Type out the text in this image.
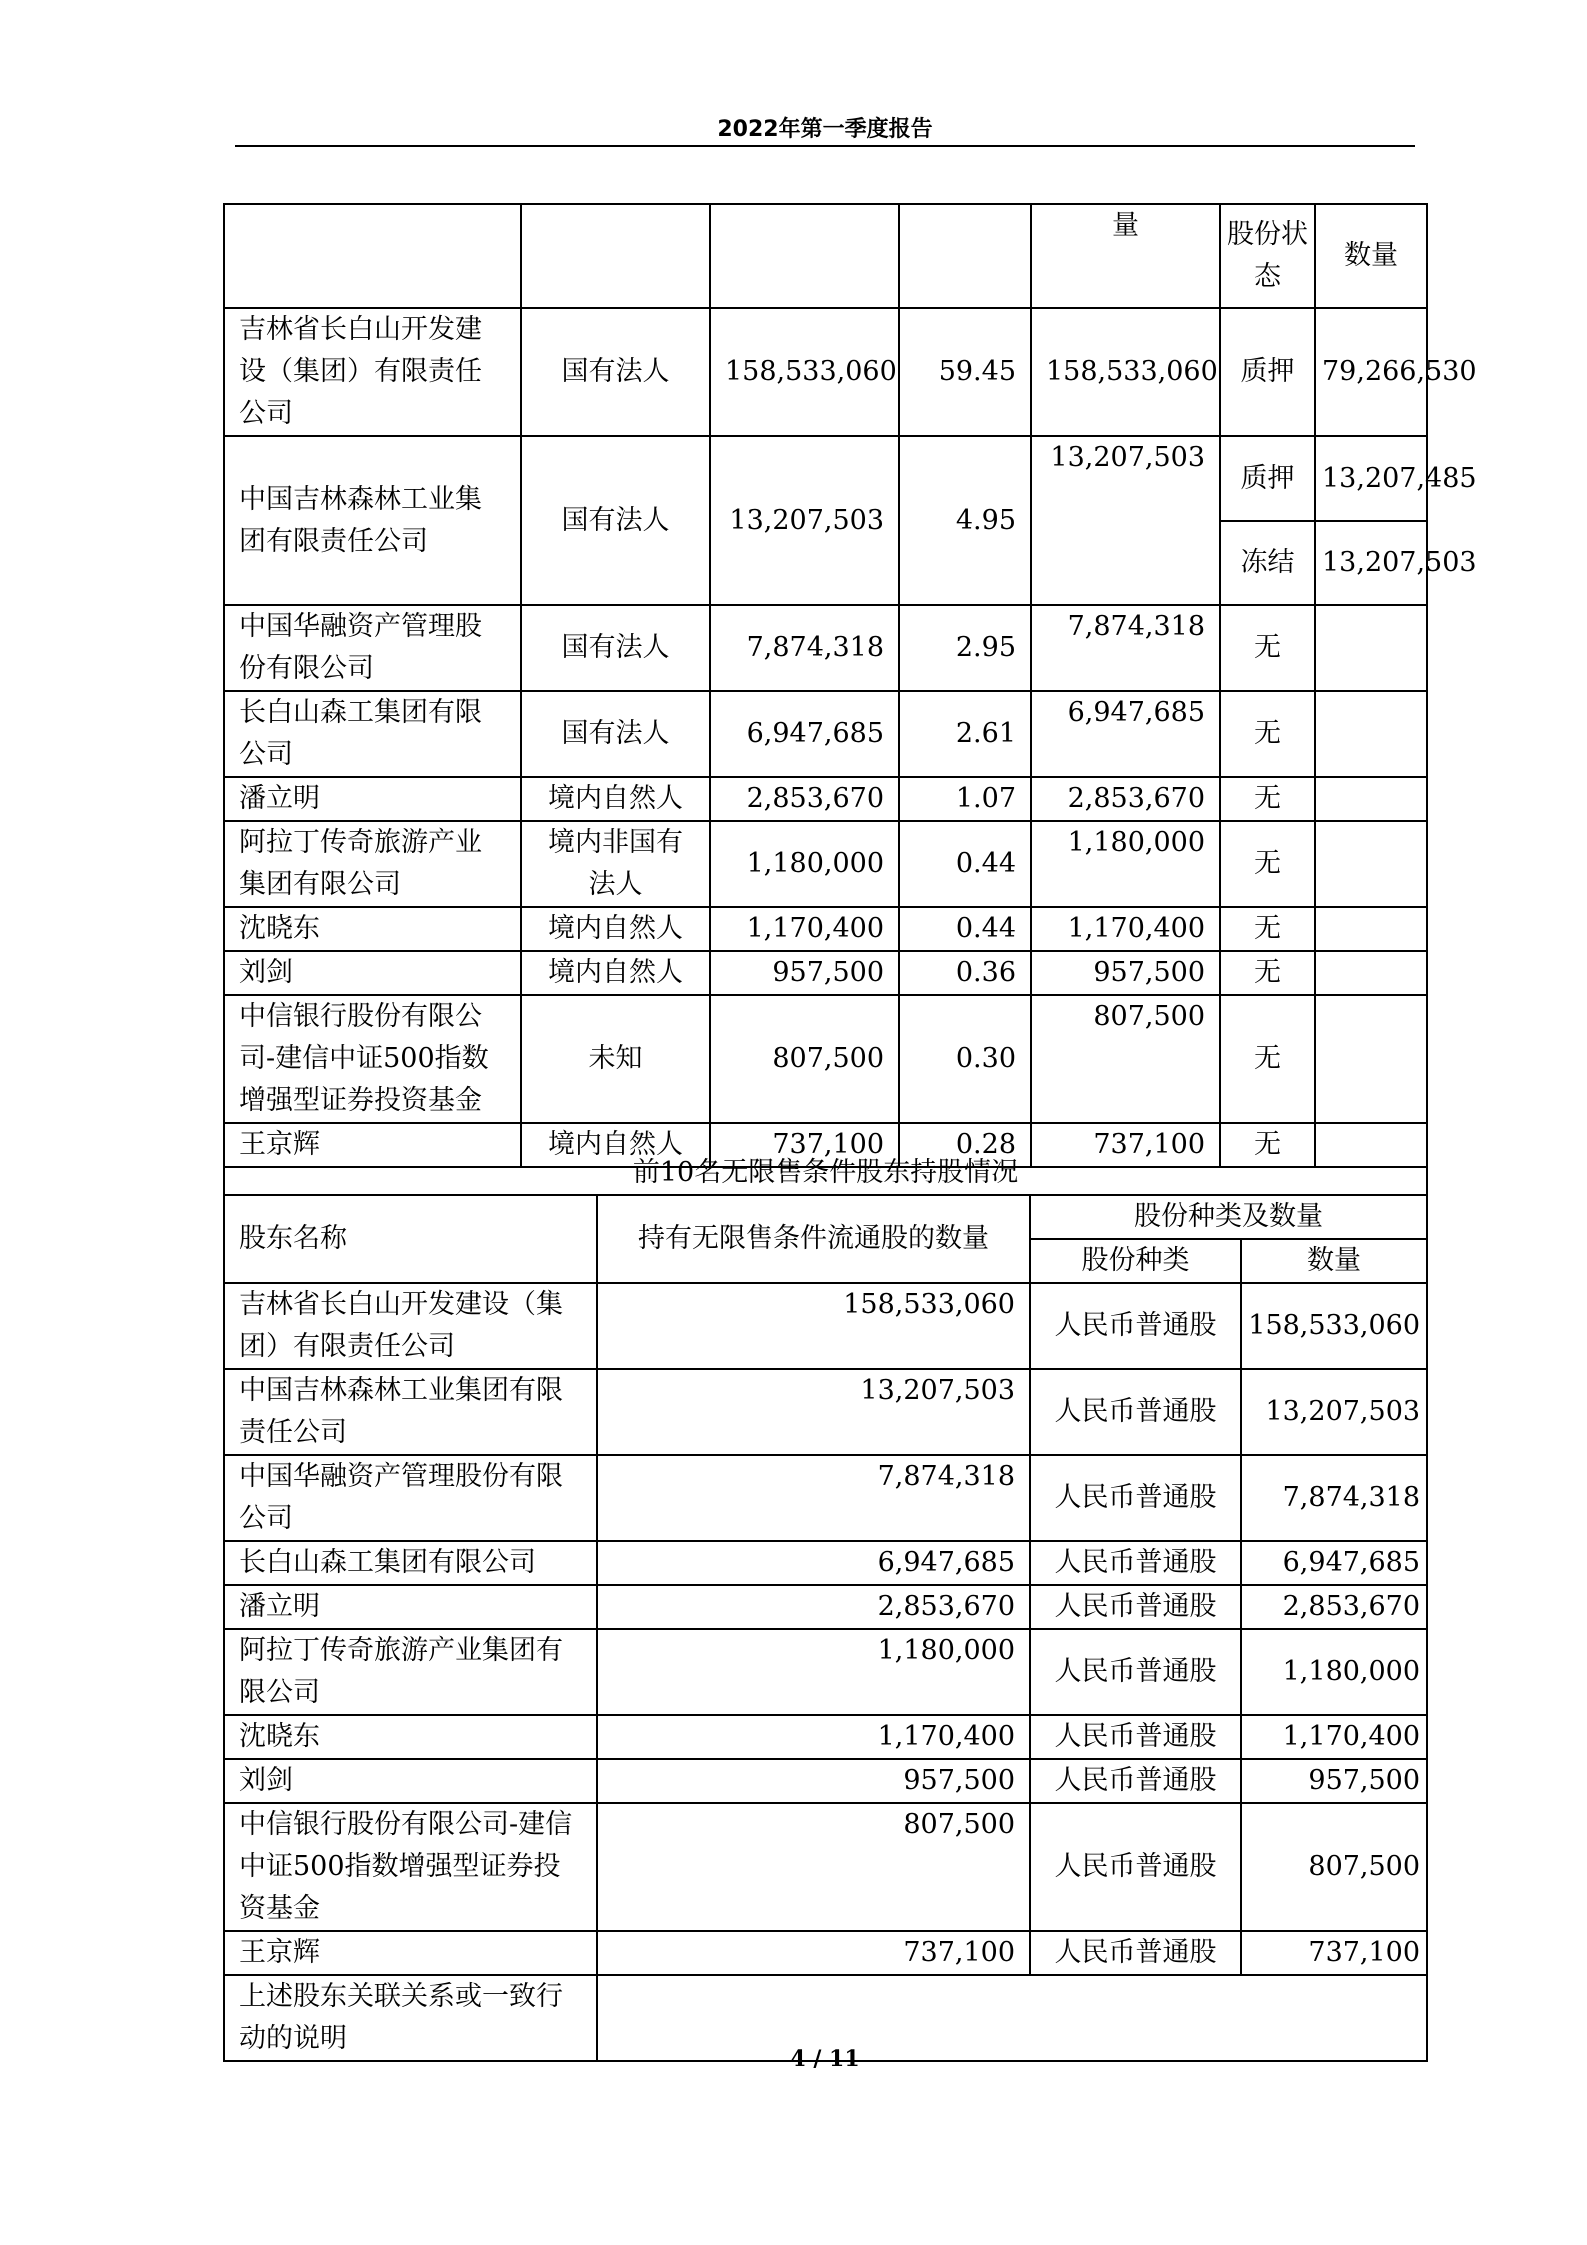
2022年第一季度报告
				量	股份状态	数量
吉林省长白山开发建设（集团）有限责任公司	国有法人	158,533,060	59.45	158,533,060	质押	79,266,530
中国吉林森林工业集团有限责任公司	国有法人	13,207,503	4.95	13,207,503	质押	13,207,485
					冻结	13,207,503
中国华融资产管理股份有限公司	国有法人	7,874,318	2.95	7,874,318	无	
长白山森工集团有限公司	国有法人	6,947,685	2.61	6,947,685	无	
潘立明	境内自然人	2,853,670	1.07	2,853,670	无	
阿拉丁传奇旅游产业集团有限公司	境内非国有法人	1,180,000	0.44	1,180,000	无	
沈晓东	境内自然人	1,170,400	0.44	1,170,400	无	
刘剑	境内自然人	957,500	0.36	957,500	无	
中信银行股份有限公司-建信中证500指数增强型证券投资基金	未知	807,500	0.30	807,500	无	
王京辉	境内自然人	737,100	0.28	737,100	无	
前10名无限售条件股东持股情况			
股东名称	持有无限售条件流通股的数量	股份种类及数量	
		股份种类	数量
吉林省长白山开发建设（集团）有限责任公司	158,533,060	人民币普通股	158,533,060
中国吉林森林工业集团有限责任公司	13,207,503	人民币普通股	13,207,503
中国华融资产管理股份有限公司	7,874,318	人民币普通股	7,874,318
长白山森工集团有限公司	6,947,685	人民币普通股	6,947,685
潘立明	2,853,670	人民币普通股	2,853,670
阿拉丁传奇旅游产业集团有限公司	1,180,000	人民币普通股	1,180,000
沈晓东	1,170,400	人民币普通股	1,170,400
刘剑	957,500	人民币普通股	957,500
中信银行股份有限公司-建信中证500指数增强型证券投资基金	807,500	人民币普通股	807,500
王京辉	737,100	人民币普通股	737,100
上述股东关联关系或一致行动的说明			
4 / 11
